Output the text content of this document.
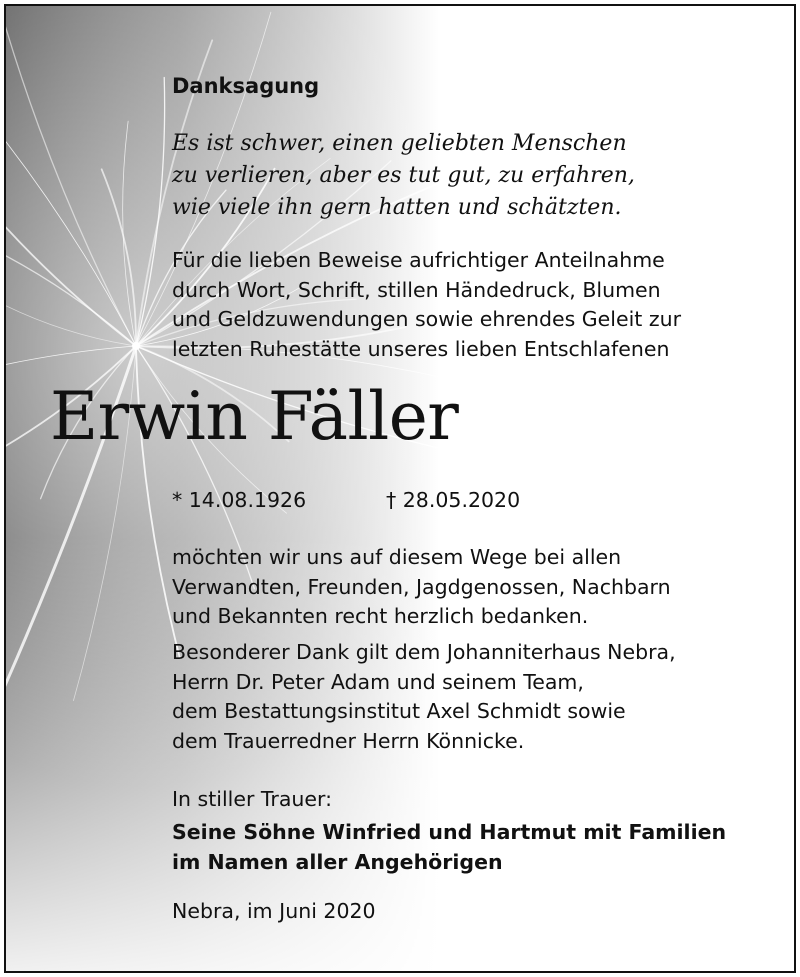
Danksagung
Es ist schwer, einen geliebten Menschen
zu verlieren, aber es tut gut, zu erfahren,
wie viele ihn gern hatten und schätzten.
Für die lieben Beweise aufrichtiger Anteilnahme
durch Wort, Schrift, stillen Händedruck, Blumen
und Geldzuwendungen sowie ehrendes Geleit zur
letzten Ruhestätte unseres lieben Entschlafenen
Erwin Fäller
* 14.08.1926	† 28.05.2020
möchten wir uns auf diesem Wege bei allen
Verwandten, Freunden, Jagdgenossen, Nachbarn
und Bekannten recht herzlich bedanken.
Besonderer Dank gilt dem Johanniterhaus Nebra,
Herrn Dr. Peter Adam und seinem Team,
dem Bestattungsinstitut Axel Schmidt sowie
dem Trauerredner Herrn Könnicke.
In stiller Trauer:
Seine Söhne Winfried und Hartmut mit Familien
im Namen aller Angehörigen
Nebra, im Juni 2020
